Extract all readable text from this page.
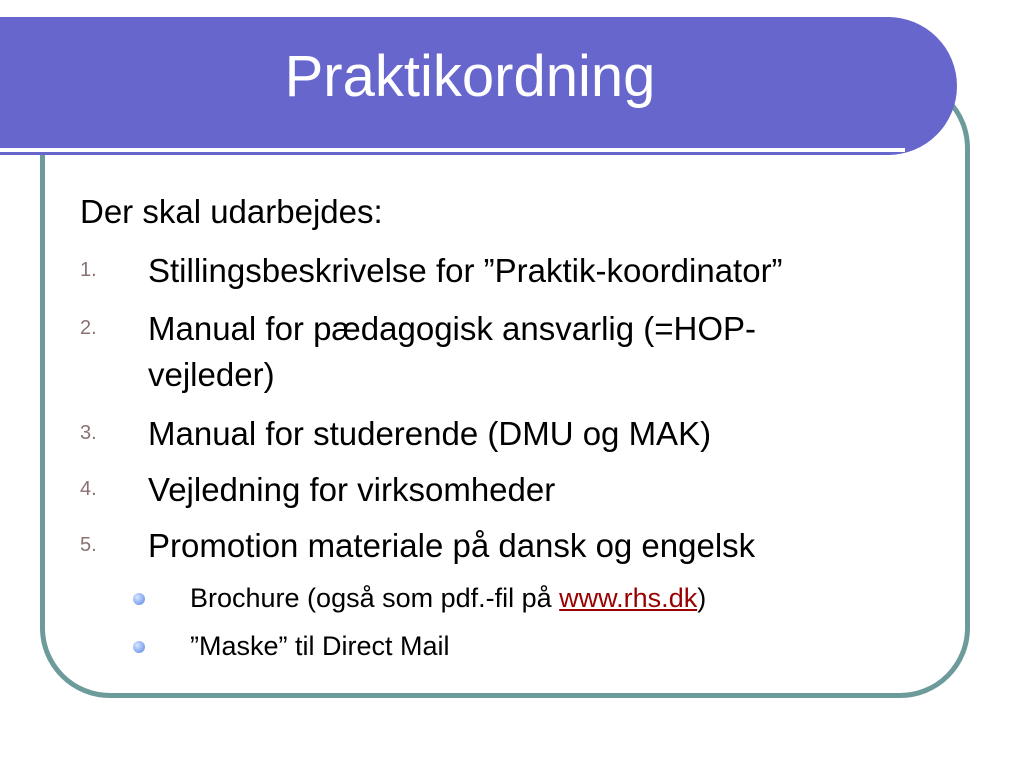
Praktikordning

Der skal udarbejdes:

1. Stillingsbeskrivelse for ”Praktik-koordinator”
2. Manual for pædagogisk ansvarlig (=HOP-
vejleder)
3. Manual for studerende (DMU og MAK)
4. Vejledning for virksomheder
5. Promotion materiale på dansk og engelsk
Brochure (også som pdf.-fil på www.rhs.dk)
”Maske” til Direct Mail
